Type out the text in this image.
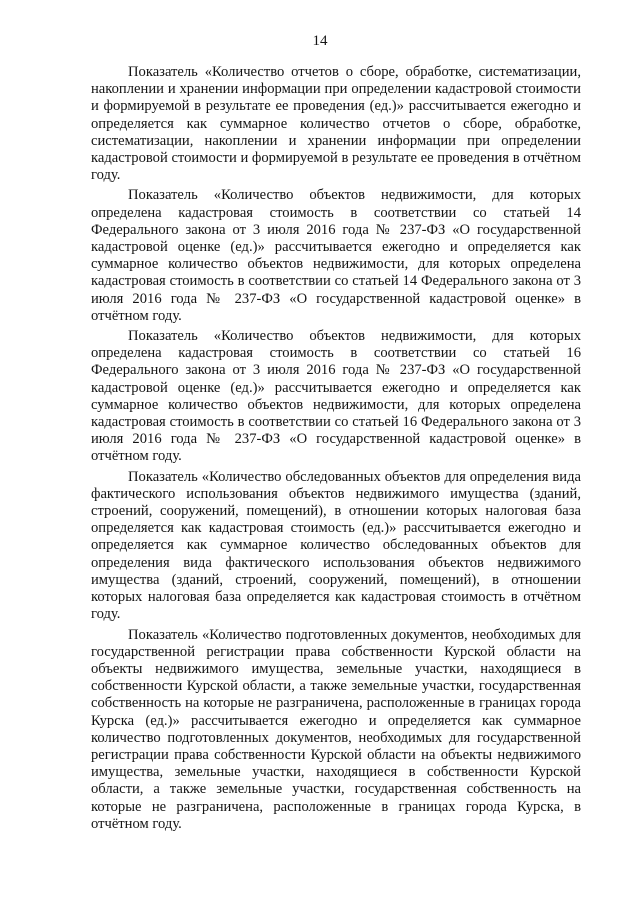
14

Показатель «Количество отчетов о сборе, обработке, систематизации, накоплении и хранении информации при определении кадастровой стоимости и формируемой в результате ее проведения (ед.)» рассчитывается ежегодно и определяется как суммарное количество отчетов о сборе, обработке, систематизации, накоплении и хранении информации при определении кадастровой стоимости и формируемой в результате ее проведения в отчётном году.

Показатель «Количество объектов недвижимости, для которых определена кадастровая стоимость в соответствии со статьей 14 Федерального закона от 3 июля 2016 года № 237-ФЗ «О государственной кадастровой оценке (ед.)» рассчитывается ежегодно и определяется как суммарное количество объектов недвижимости, для которых определена кадастровая стоимость в соответствии со статьей 14 Федерального закона от 3 июля 2016 года № 237-ФЗ «О государственной кадастровой оценке» в отчётном году.

Показатель «Количество объектов недвижимости, для которых определена кадастровая стоимость в соответствии со статьей 16 Федерального закона от 3 июля 2016 года № 237-ФЗ «О государственной кадастровой оценке (ед.)» рассчитывается ежегодно и определяется как суммарное количество объектов недвижимости, для которых определена кадастровая стоимость в соответствии со статьей 16 Федерального закона от 3 июля 2016 года № 237-ФЗ «О государственной кадастровой оценке» в отчётном году.

Показатель «Количество обследованных объектов для определения вида фактического использования объектов недвижимого имущества (зданий, строений, сооружений, помещений), в отношении которых налоговая база определяется как кадастровая стоимость (ед.)» рассчитывается ежегодно и определяется как суммарное количество обследованных объектов для определения вида фактического использования объектов недвижимого имущества (зданий, строений, сооружений, помещений), в отношении которых налоговая база определяется как кадастровая стоимость в отчётном году.

Показатель «Количество подготовленных документов, необходимых для государственной регистрации права собственности Курской области на объекты недвижимого имущества, земельные участки, находящиеся в собственности Курской области, а также земельные участки, государственная собственность на которые не разграничена, расположенные в границах города Курска (ед.)» рассчитывается ежегодно и определяется как суммарное количество подготовленных документов, необходимых для государственной регистрации права собственности Курской области на объекты недвижимого имущества, земельные участки, находящиеся в собственности Курской области, а также земельные участки, государственная собственность на которые не разграничена, расположенные в границах города Курска, в отчётном году.
